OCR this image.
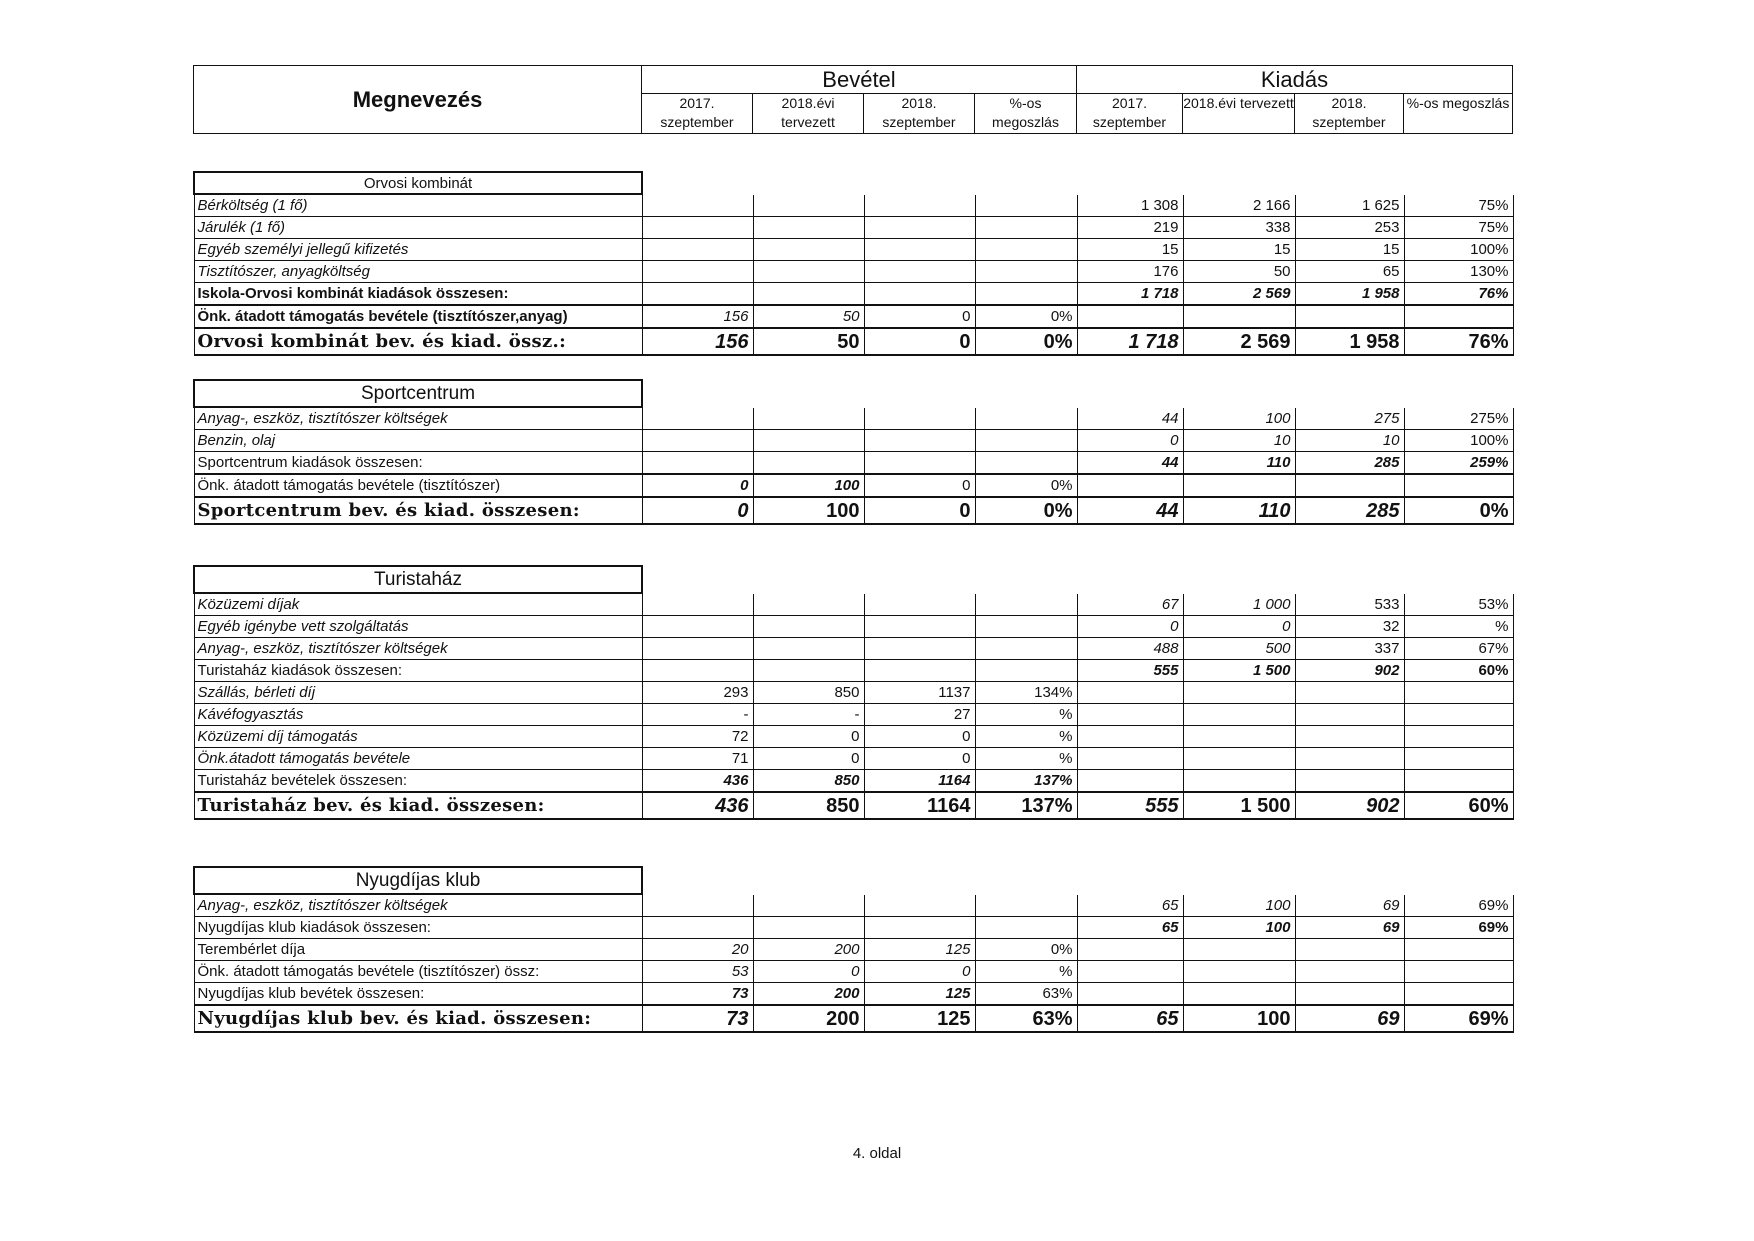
Megnevezés	Bevétel				Kiadás			
	2017. szeptember	2018.évi tervezett	2018. szeptember	%-os megoszlás	2017. szeptember	2018.évi tervezett	2018. szeptember	%-os megoszlás
Orvosi kombinát								
Bérköltség (1 fő)					1 308	2 166	1 625	75%
Járulék (1 fő)					219	338	253	75%
Egyéb személyi jellegű kifizetés					15	15	15	100%
Tisztítószer, anyagköltség					176	50	65	130%
Iskola-Orvosi kombinát kiadások összesen:					1 718	2 569	1 958	76%
Önk. átadott támogatás bevétele (tisztítószer,anyag)	156	50	0	0%				
Orvosi kombinát bev. és kiad. össz.:	156	50	0	0%	1 718	2 569	1 958	76%
Sportcentrum								
Anyag-, eszköz, tisztítószer költségek					44	100	275	275%
Benzin, olaj					0	10	10	100%
Sportcentrum kiadások összesen:					44	110	285	259%
Önk. átadott támogatás bevétele (tisztítószer)	0	100	0	0%				
Sportcentrum bev. és kiad. összesen:	0	100	0	0%	44	110	285	0%
Turistaház								
Közüzemi díjak					67	1 000	533	53%
Egyéb igénybe vett szolgáltatás					0	0	32	%
Anyag-, eszköz, tisztítószer költségek					488	500	337	67%
Turistaház kiadások összesen:					555	1 500	902	60%
Szállás, bérleti díj	293	850	1137	134%				
Kávéfogyasztás	-	-	27	%				
Közüzemi díj támogatás	72	0	0	%				
Önk.átadott támogatás bevétele	71	0	0	%				
Turistaház bevételek összesen:	436	850	1164	137%				
Turistaház bev. és kiad. összesen:	436	850	1164	137%	555	1 500	902	60%
Nyugdíjas klub								
Anyag-, eszköz, tisztítószer költségek					65	100	69	69%
Nyugdíjas klub kiadások összesen:					65	100	69	69%
Terembérlet díja	20	200	125	0%				
Önk. átadott támogatás bevétele (tisztítószer) össz:	53	0	0	%				
Nyugdíjas klub bevétek összesen:	73	200	125	63%				
Nyugdíjas klub bev. és kiad. összesen:	73	200	125	63%	65	100	69	69%
4. oldal
